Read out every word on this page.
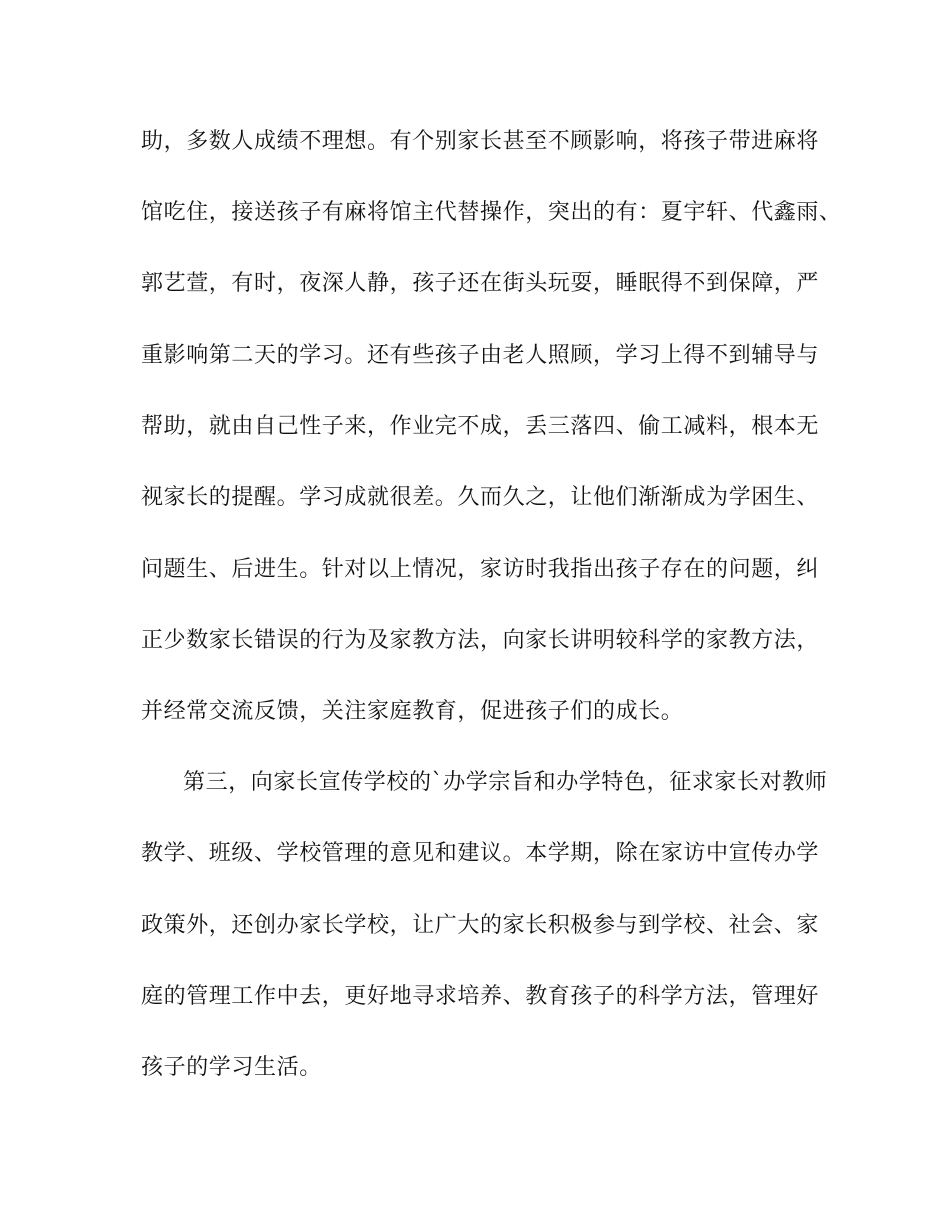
助，多数人成绩不理想。有个别家长甚至不顾影响，将孩子带进麻将
馆吃住，接送孩子有麻将馆主代替操作，突出的有：夏宇轩、代鑫雨、
郭艺萱，有时，夜深人静，孩子还在街头玩耍，睡眠得不到保障，严
重影响第二天的学习。还有些孩子由老人照顾，学习上得不到辅导与
帮助，就由自己性子来，作业完不成，丢三落四、偷工减料，根本无
视家长的提醒。学习成就很差。久而久之，让他们渐渐成为学困生、
问题生、后进生。针对以上情况，家访时我指出孩子存在的问题，纠
正少数家长错误的行为及家教方法，向家长讲明较科学的家教方法，
并经常交流反馈，关注家庭教育，促进孩子们的成长。
第三，向家长宣传学校的`办学宗旨和办学特色，征求家长对教师
教学、班级、学校管理的意见和建议。本学期，除在家访中宣传办学
政策外，还创办家长学校，让广大的家长积极参与到学校、社会、家
庭的管理工作中去，更好地寻求培养、教育孩子的科学方法，管理好
孩子的学习生活。
